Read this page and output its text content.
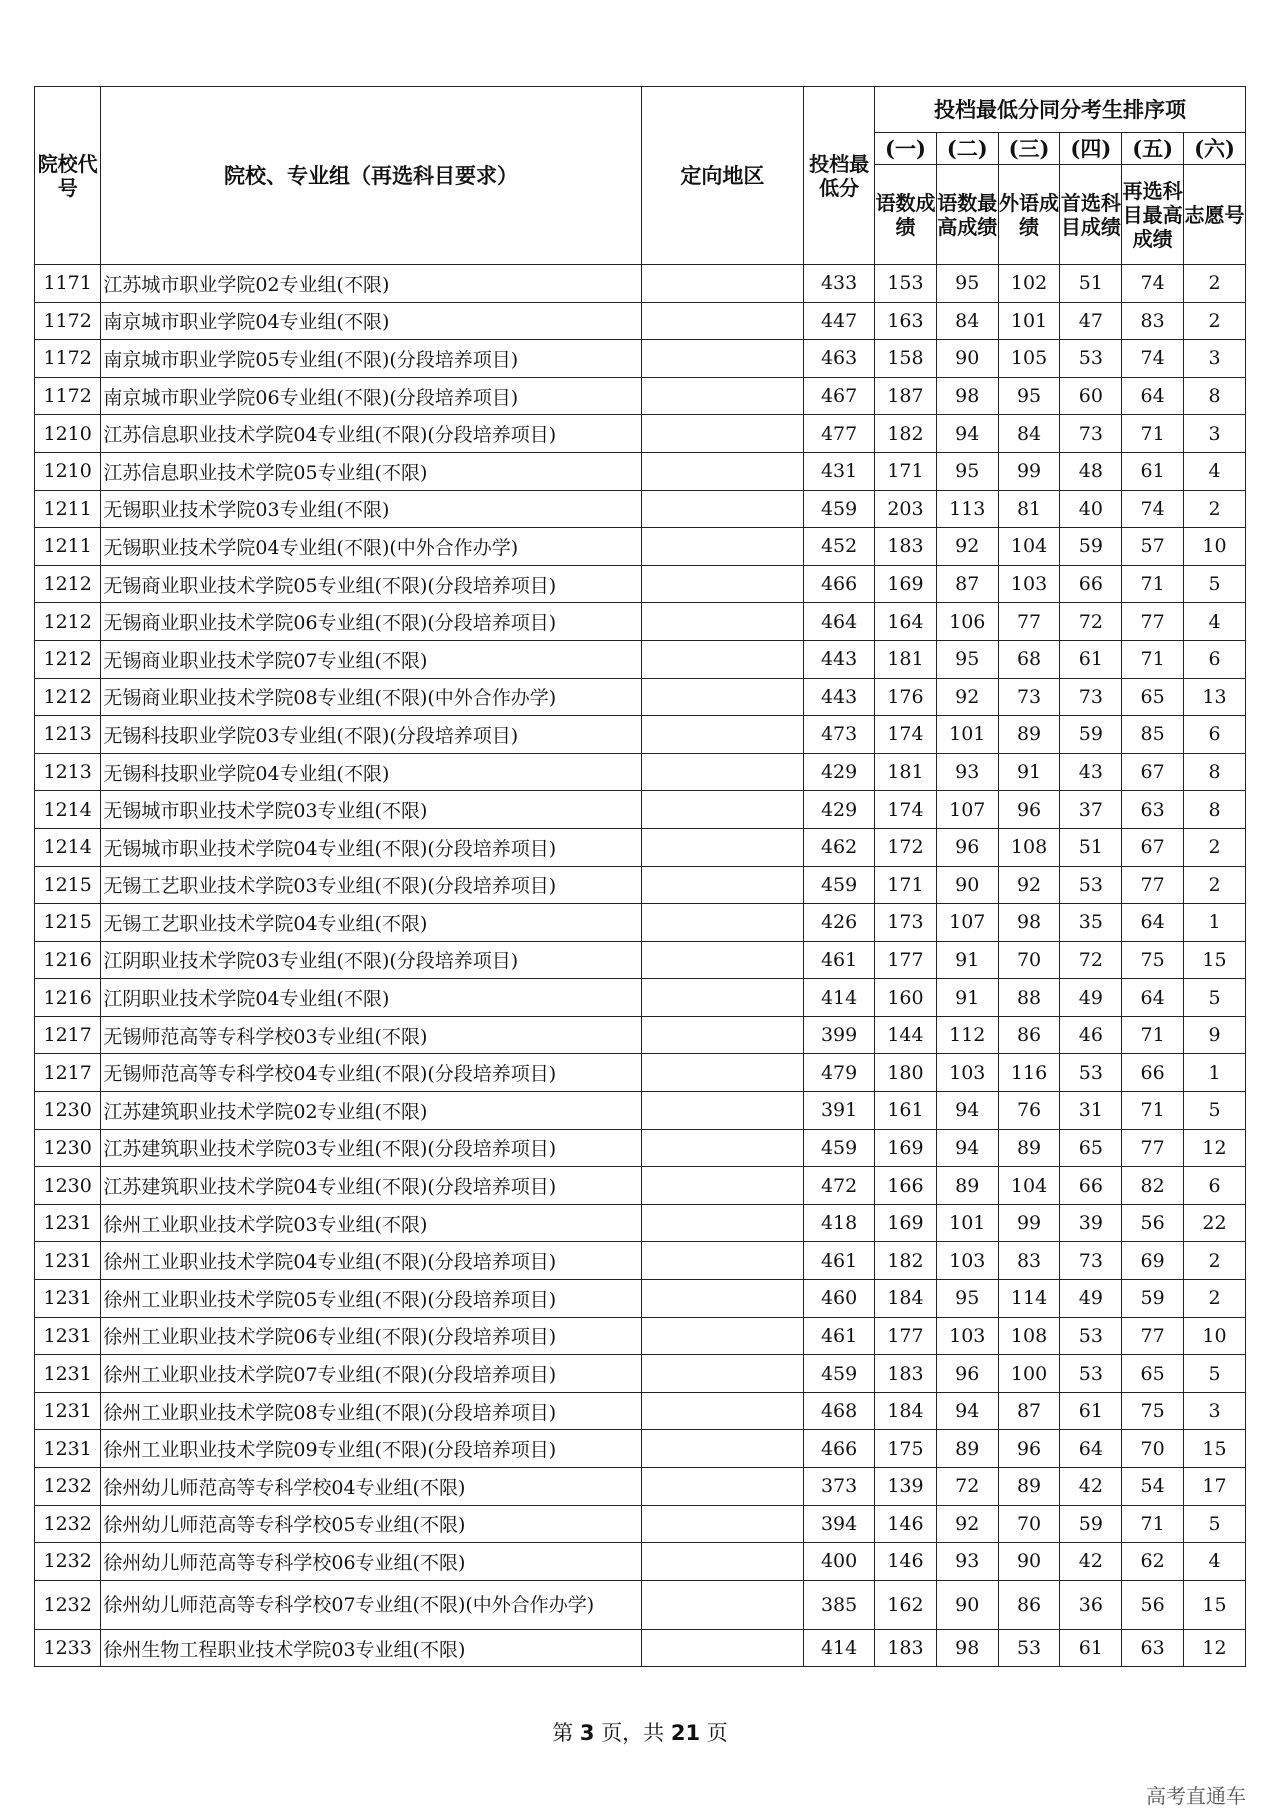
院校代号	院校、专业组（再选科目要求）	定向地区	投档最低分	投档最低分同分考生排序项					
				(一)	(二)	(三)	(四)	(五)	(六)
				语数成绩	语数最高成绩	外语成绩	首选科目成绩	再选科目最高成绩	志愿号
1171	江苏城市职业学院02专业组(不限)		433	153	95	102	51	74	2
1172	南京城市职业学院04专业组(不限)		447	163	84	101	47	83	2
1172	南京城市职业学院05专业组(不限)(分段培养项目)		463	158	90	105	53	74	3
1172	南京城市职业学院06专业组(不限)(分段培养项目)		467	187	98	95	60	64	8
1210	江苏信息职业技术学院04专业组(不限)(分段培养项目)		477	182	94	84	73	71	3
1210	江苏信息职业技术学院05专业组(不限)		431	171	95	99	48	61	4
1211	无锡职业技术学院03专业组(不限)		459	203	113	81	40	74	2
1211	无锡职业技术学院04专业组(不限)(中外合作办学)		452	183	92	104	59	57	10
1212	无锡商业职业技术学院05专业组(不限)(分段培养项目)		466	169	87	103	66	71	5
1212	无锡商业职业技术学院06专业组(不限)(分段培养项目)		464	164	106	77	72	77	4
1212	无锡商业职业技术学院07专业组(不限)		443	181	95	68	61	71	6
1212	无锡商业职业技术学院08专业组(不限)(中外合作办学)		443	176	92	73	73	65	13
1213	无锡科技职业学院03专业组(不限)(分段培养项目)		473	174	101	89	59	85	6
1213	无锡科技职业学院04专业组(不限)		429	181	93	91	43	67	8
1214	无锡城市职业技术学院03专业组(不限)		429	174	107	96	37	63	8
1214	无锡城市职业技术学院04专业组(不限)(分段培养项目)		462	172	96	108	51	67	2
1215	无锡工艺职业技术学院03专业组(不限)(分段培养项目)		459	171	90	92	53	77	2
1215	无锡工艺职业技术学院04专业组(不限)		426	173	107	98	35	64	1
1216	江阴职业技术学院03专业组(不限)(分段培养项目)		461	177	91	70	72	75	15
1216	江阴职业技术学院04专业组(不限)		414	160	91	88	49	64	5
1217	无锡师范高等专科学校03专业组(不限)		399	144	112	86	46	71	9
1217	无锡师范高等专科学校04专业组(不限)(分段培养项目)		479	180	103	116	53	66	1
1230	江苏建筑职业技术学院02专业组(不限)		391	161	94	76	31	71	5
1230	江苏建筑职业技术学院03专业组(不限)(分段培养项目)		459	169	94	89	65	77	12
1230	江苏建筑职业技术学院04专业组(不限)(分段培养项目)		472	166	89	104	66	82	6
1231	徐州工业职业技术学院03专业组(不限)		418	169	101	99	39	56	22
1231	徐州工业职业技术学院04专业组(不限)(分段培养项目)		461	182	103	83	73	69	2
1231	徐州工业职业技术学院05专业组(不限)(分段培养项目)		460	184	95	114	49	59	2
1231	徐州工业职业技术学院06专业组(不限)(分段培养项目)		461	177	103	108	53	77	10
1231	徐州工业职业技术学院07专业组(不限)(分段培养项目)		459	183	96	100	53	65	5
1231	徐州工业职业技术学院08专业组(不限)(分段培养项目)		468	184	94	87	61	75	3
1231	徐州工业职业技术学院09专业组(不限)(分段培养项目)		466	175	89	96	64	70	15
1232	徐州幼儿师范高等专科学校04专业组(不限)		373	139	72	89	42	54	17
1232	徐州幼儿师范高等专科学校05专业组(不限)		394	146	92	70	59	71	5
1232	徐州幼儿师范高等专科学校06专业组(不限)		400	146	93	90	42	62	4
1232	徐州幼儿师范高等专科学校07专业组(不限)(中外合作办学)		385	162	90	86	36	56	15
1233	徐州生物工程职业技术学院03专业组(不限)		414	183	98	53	61	63	12
第 3 页，共 21 页
高考直通车
